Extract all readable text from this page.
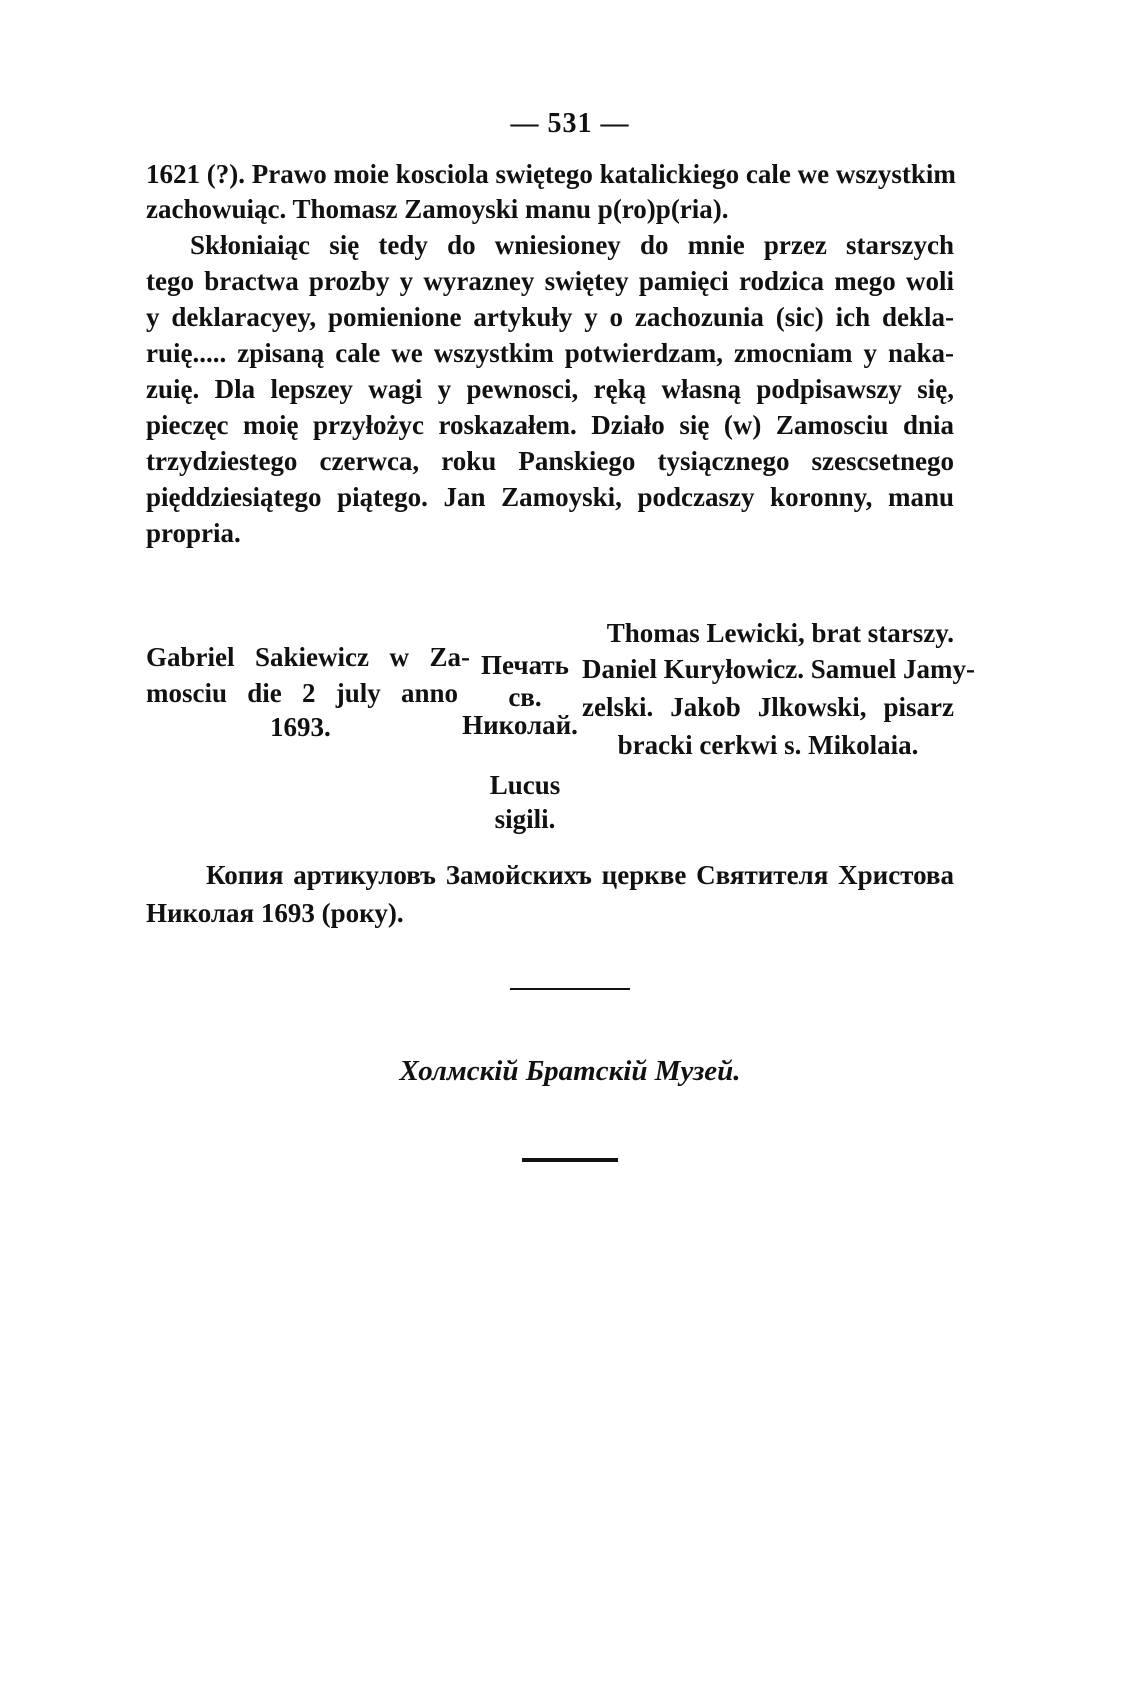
— 531 —
1621 (?). Prawo moie kosciola swiętego katalickiego cale we wszystkim
zachowuiąc. Thomasz Zamoyski manu p(ro)p(ria).
Skłoniaiąc się tedy do wniesioney do mnie przez starszych
tego bractwa prozby y wyrazney swiętey pamięci rodzica mego woli
y deklaracyey, pomienione artykuły y o zachozunia (sic) ich dekla-
ruię..... zpisaną cale we wszystkim potwierdzam, zmocniam y naka-
zuię. Dla lepszey wagi y pewnosci, ręką własną podpisawszy się,
pieczęc moię przyłożyc roskazałem. Działo się (w) Zamosciu dnia
trzydziestego czerwca, roku Panskiego tysiącznego szescsetnego
pięddziesiątego piątego. Jan Zamoyski, podczaszy koronny, manu
propria.
Gabriel Sakiewicz w Za-
mosciu die 2 july anno
1693.
Печать
св.
Николай.
Lucus
sigili.
Thomas Lewicki, brat starszy.
Daniel Kuryłowicz. Samuel Jamy-
zelski. Jakob Jlkowski, pisarz
bracki cerkwi s. Mikolaia.
Копия артикуловъ Замойскихъ церкве Святителя Христова
Николая 1693 (року).
Холмскій Братскій Музей.
